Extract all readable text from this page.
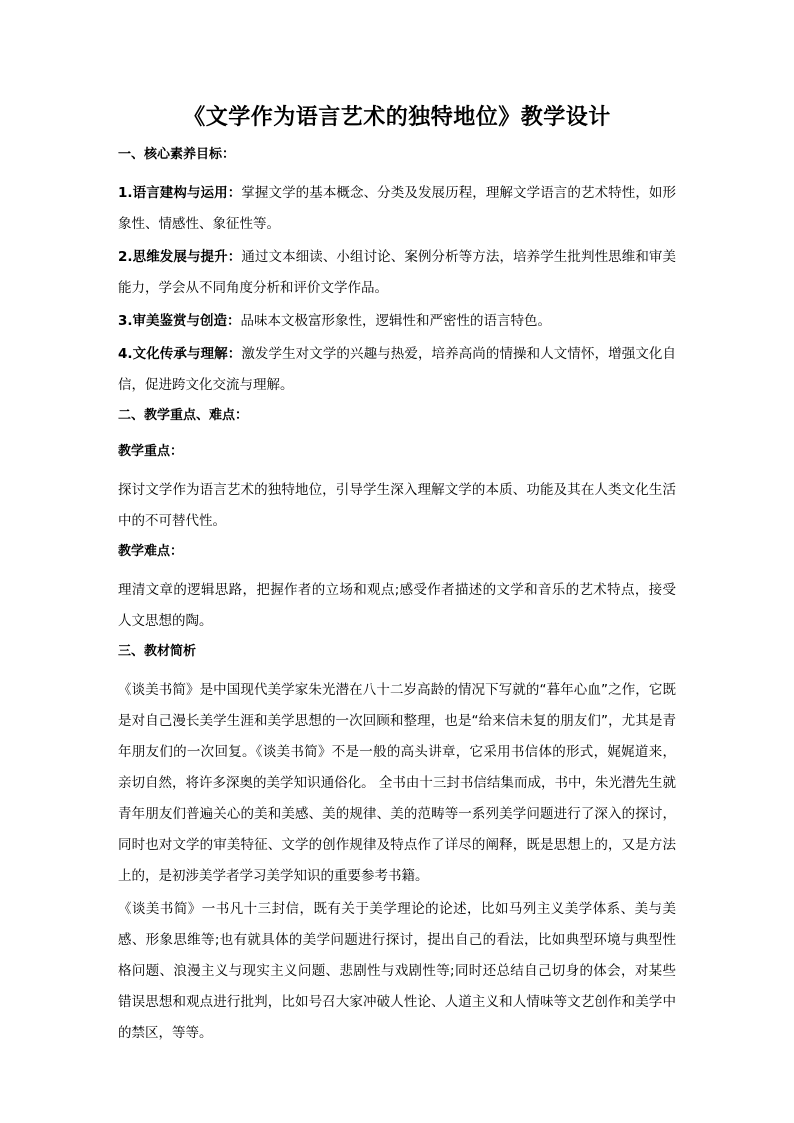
《文学作为语言艺术的独特地位》教学设计
一、核心素养目标：

1.语言建构与运用：掌握文学的基本概念、分类及发展历程，理解文学语言的艺术特性，如形象性、情感性、象征性等。

2.思维发展与提升：通过文本细读、小组讨论、案例分析等方法，培养学生批判性思维和审美能力，学会从不同角度分析和评价文学作品。

3.审美鉴赏与创造：品味本文极富形象性，逻辑性和严密性的语言特色。

4.文化传承与理解：激发学生对文学的兴趣与热爱，培养高尚的情操和人文情怀，增强文化自信，促进跨文化交流与理解。

二、教学重点、难点：
教学重点：

探讨文学作为语言艺术的独特地位，引导学生深入理解文学的本质、功能及其在人类文化生活中的不可替代性。

教学难点：

理清文章的逻辑思路，把握作者的立场和观点;感受作者描述的文学和音乐的艺术特点，接受人文思想的陶。

三、教材简析

《谈美书简》是中国现代美学家朱光潜在八十二岁高龄的情况下写就的“暮年心血”之作，它既是对自己漫长美学生涯和美学思想的一次回顾和整理，也是“给来信未复的朋友们”，尤其是青年朋友们的一次回复。《谈美书简》不是一般的高头讲章，它采用书信体的形式，娓娓道来，亲切自然，将许多深奥的美学知识通俗化。 全书由十三封书信结集而成，书中，朱光潜先生就青年朋友们普遍关心的美和美感、美的规律、美的范畴等一系列美学问题进行了深入的探讨，同时也对文学的审美特征、文学的创作规律及特点作了详尽的阐释，既是思想上的，又是方法上的，是初涉美学者学习美学知识的重要参考书籍。

《谈美书简》一书凡十三封信，既有关于美学理论的论述，比如马列主义美学体系、美与美感、形象思维等;也有就具体的美学问题进行探讨，提出自己的看法，比如典型环境与典型性格问题、浪漫主义与现实主义问题、悲剧性与戏剧性等;同时还总结自己切身的体会，对某些错误思想和观点进行批判，比如号召大家冲破人性论、人道主义和人情味等文艺创作和美学中的禁区，等等。
